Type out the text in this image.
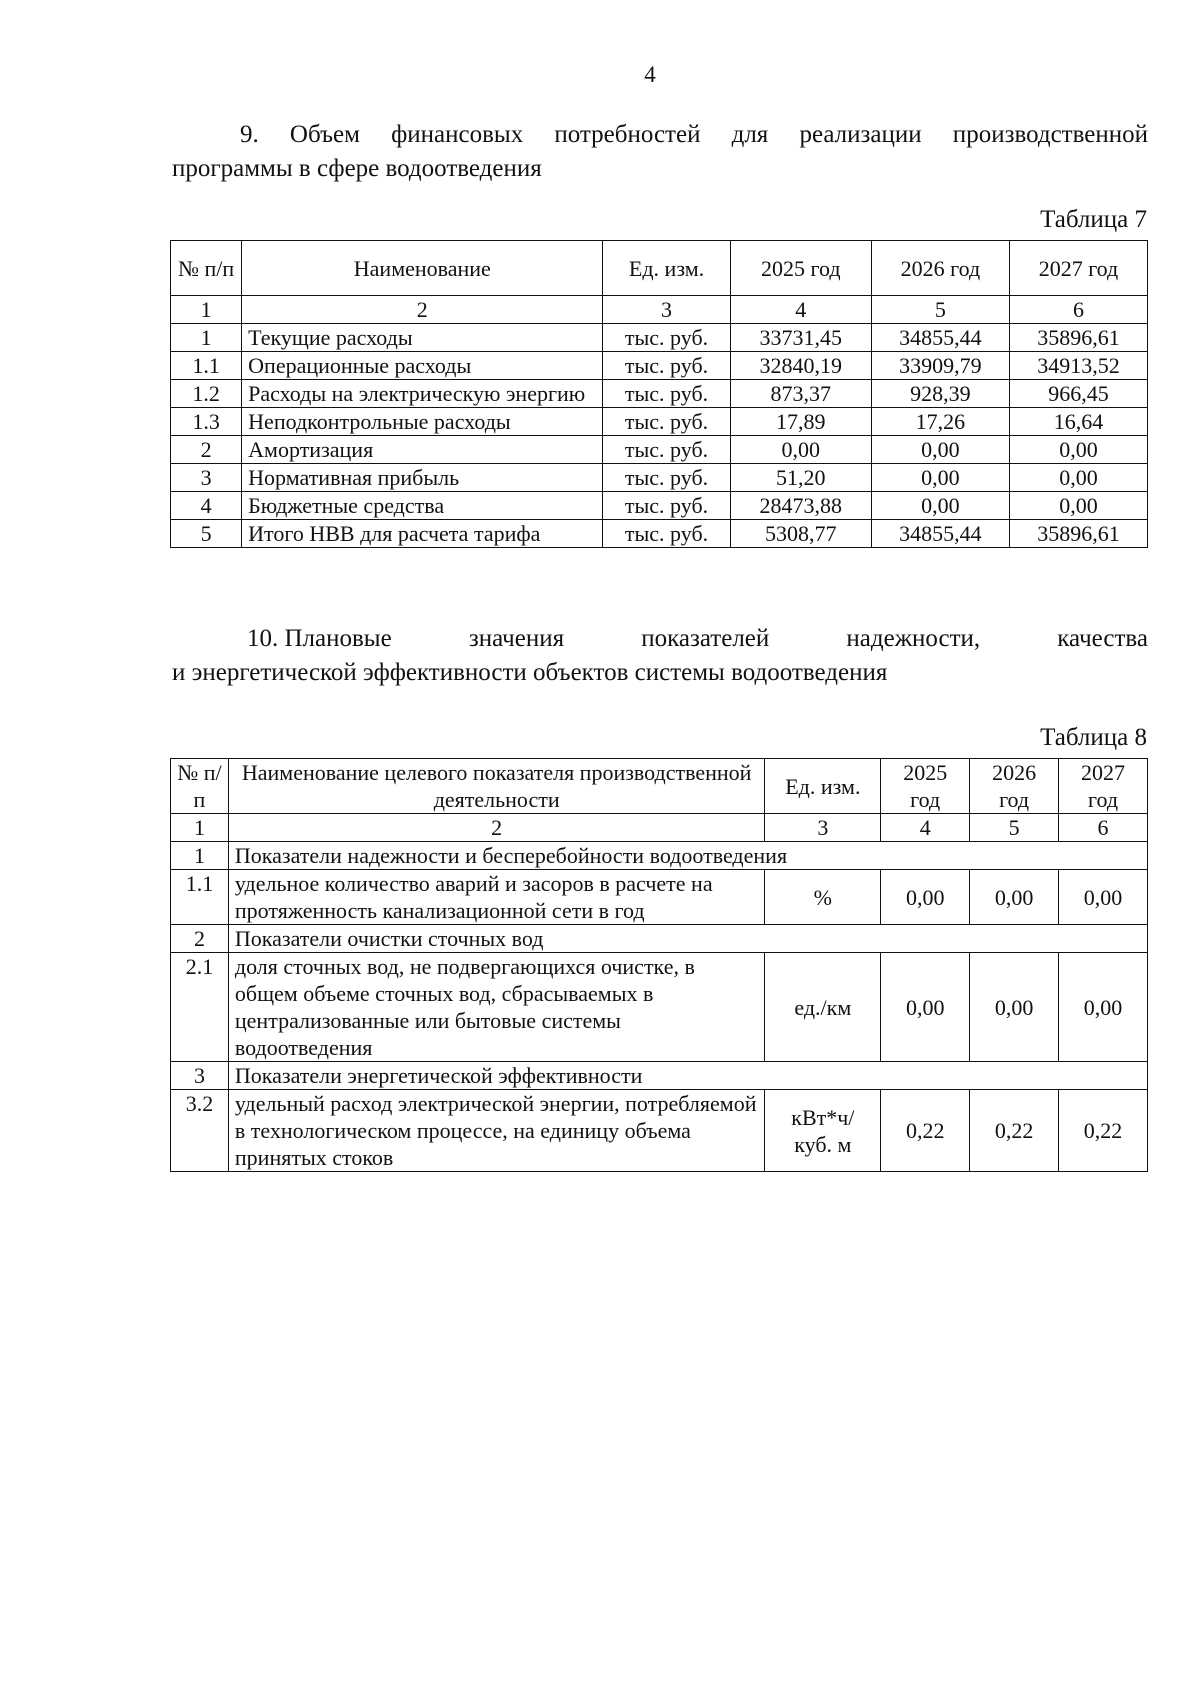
4
9. Объем финансовых потребностей для реализации производственной
программы в сфере водоотведения
Таблица 7
№ п/п	Наименование	Ед. изм.	2025 год	2026 год	2027 год
1	2	3	4	5	6
1	Текущие расходы	тыс. руб.	33731,45	34855,44	35896,61
1.1	Операционные расходы	тыс. руб.	32840,19	33909,79	34913,52
1.2	Расходы на электрическую энергию	тыс. руб.	873,37	928,39	966,45
1.3	Неподконтрольные расходы	тыс. руб.	17,89	17,26	16,64
2	Амортизация	тыс. руб.	0,00	0,00	0,00
3	Нормативная прибыль	тыс. руб.	51,20	0,00	0,00
4	Бюджетные средства	тыс. руб.	28473,88	0,00	0,00
5	Итого НВВ для расчета тарифа	тыс. руб.	5308,77	34855,44	35896,61
10. Плановые	значения	показателей	надежности,	качества
и энергетической эффективности объектов системы водоотведения
Таблица 8
№ п/п	Наименование целевого показателя производственной деятельности	Ед. изм.	2025 год	2026 год	2027 год
1	2	3	4	5	6
1	Показатели надежности и бесперебойности водоотведения				
1.1	удельное количество аварий и засоров в расчете на протяженность канализационной сети в год	%	0,00	0,00	0,00
2	Показатели очистки сточных вод				
2.1	доля сточных вод, не подвергающихся очистке, в общем объеме сточных вод, сбрасываемых в централизованные или бытовые системы водоотведения	ед./км	0,00	0,00	0,00
3	Показатели энергетической эффективности				
3.2	удельный расход электрической энергии, потребляемой в технологическом процессе, на единицу объема принятых стоков	кВт*ч/ куб. м	0,22	0,22	0,22
